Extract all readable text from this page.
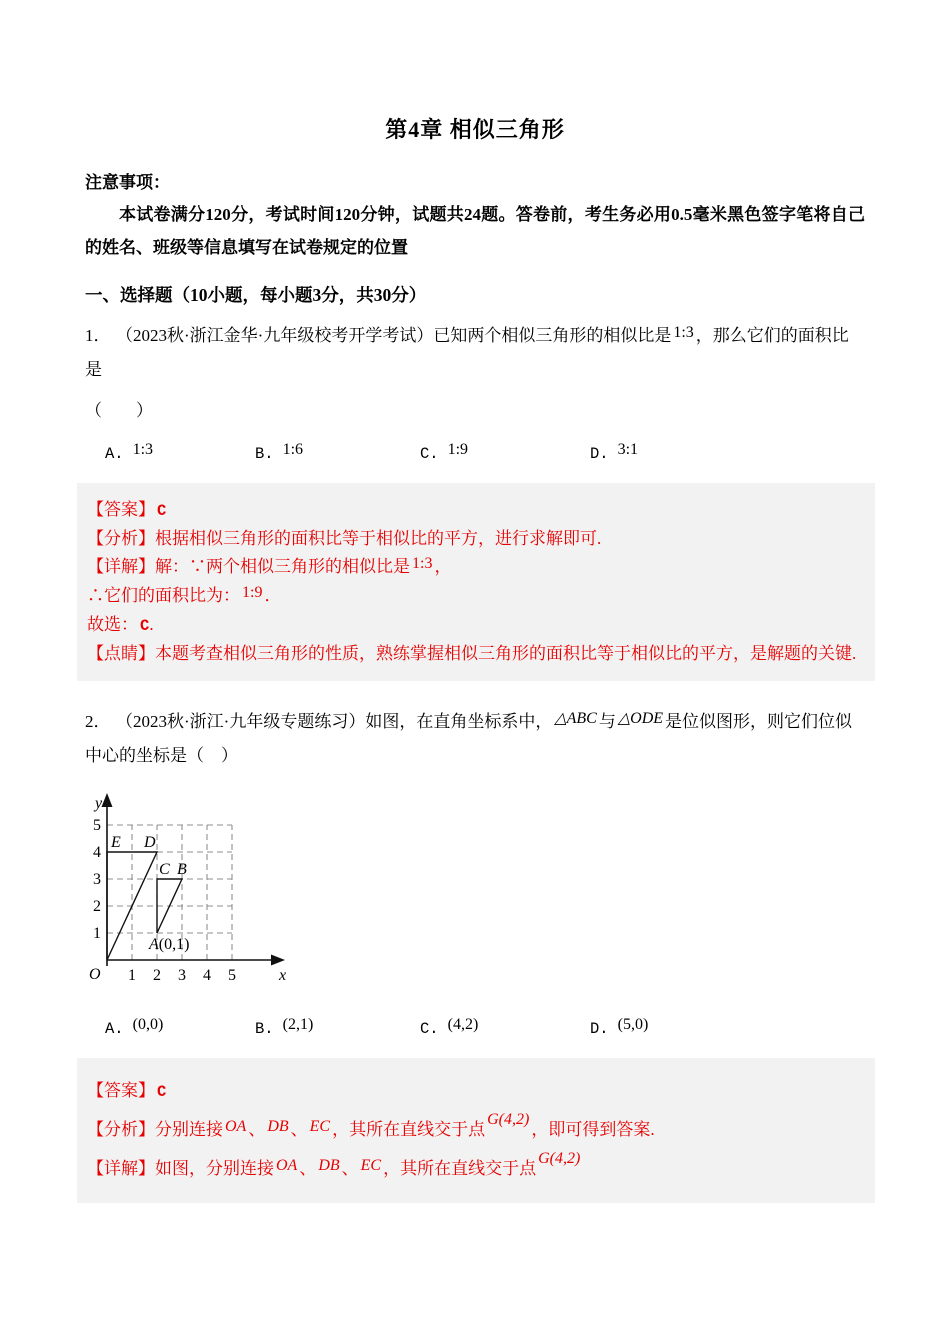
第4章 相似三角形
注意事项：
本试卷满分120分，考试时间120分钟，试题共24题。答卷前，考生务必用0.5毫米黑色签字笔将自己的姓名、班级等信息填写在试卷规定的位置
一、选择题（10小题，每小题3分，共30分）
1． （2023秋·浙江金华·九年级校考开学考试）已知两个相似三角形的相似比是 1:3 ，那么它们的面积比是
（　　）
A. 1:3	B. 1:6	C. 1:9	D. 3:1
【答案】 C
【分析】根据相似三角形的面积比等于相似比的平方，进行求解即可.
【详解】解：∵两个相似三角形的相似比是 1:3 ，
∴它们的面积比为： 1:9 ．
故选： C.
【点睛】本题考查相似三角形的性质，熟练掌握相似三角形的面积比等于相似比的平方，是解题的关键.
2． （2023秋·浙江·九年级专题练习）如图，在直角坐标系中， △ABC 与 △ODE 是位似图形，则它们位似中心的坐标是（　）
y
x
O 1 2 3 4 5
1
2
3
4
5
E D
C B
A(0,1)
A. (0,0)	B. (2,1)	C. (4,2)	D. (5,0)
【答案】 C
【分析】分别连接 OA 、 DB 、 EC ，其所在直线交于点G(4,2)，即可得到答案.
【详解】如图，分别连接 OA 、 DB 、 EC ，其所在直线交于点G(4,2)
